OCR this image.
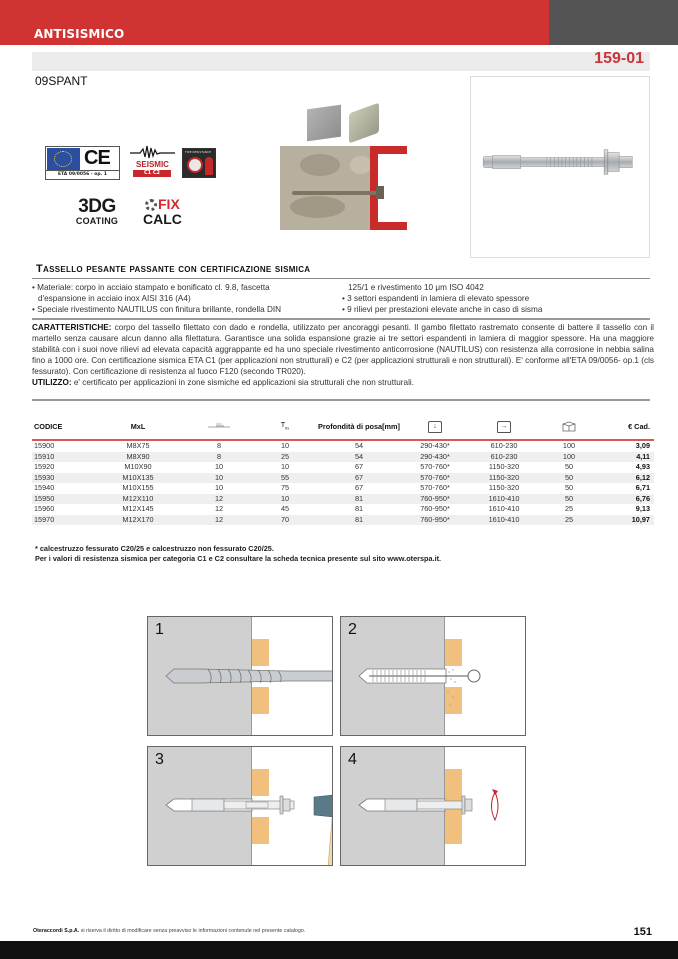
ANTISISMICO
159-01
09SPANT
CE
ETA 09/0056 - op. 1
SEISMIC
C1 C2
FIRE RESISTANCE
3DG
COATING
FIX
CALC
Tassello pesante passante con certificazione sismica
• Materiale: corpo in acciaio stampato e bonificato cl. 9.8, fascetta
d'espansione in acciaio inox AISI 316 (A4)
• Speciale rivestimento NAUTILUS con finitura brillante, rondella DIN
125/1 e rivestimento 10 μm ISO 4042
• 3 settori espandenti in lamiera di elevato spessore
• 9 rilievi per prestazioni elevate anche in caso di sisma
CARATTERISTICHE: corpo del tassello filettato con dado e rondella, utilizzato per ancoraggi pesanti. Il gambo filettato rastremato consente di battere il tassello con il martello senza causare alcun danno alla filettatura. Garantisce una solida espansione grazie ai tre settori espandenti in lamiera di maggior spessore. Ha una maggiore stabilità con i suoi nove rilievi ad elevata capacità aggrappante ed ha uno speciale rivestimento anticorrosione (NAUTILUS) con resistenza alla corrosione in nebbia salina fino a 1000 ore. Con certificazione sismica ETA C1 (per applicazioni non strutturali) e C2 (per applicazioni strutturali e non strutturali). E' conforme all'ETA 09/0056- op.1 (cls fessurato). Con certificazione di resistenza al fuoco F120 (secondo TR020).
UTILIZZO: e' certificato per applicazioni in zone sismiche ed applicazioni sia strutturali che non strutturali.
CODICE	MxL		$T_{fix}$	Profondità di posa[mm]	↓	→		€ Cad.
15900	M8X75	8	10	54	290-430*	610-230	100	3,09
15910	M8X90	8	25	54	290-430*	610-230	100	4,11
15920	M10X90	10	10	67	570-760*	1150-320	50	4,93
15930	M10X135	10	55	67	570-760*	1150-320	50	6,12
15940	M10X155	10	75	67	570-760*	1150-320	50	6,71
15950	M12X110	12	10	81	760-950*	1610-410	50	6,76
15960	M12X145	12	45	81	760-950*	1610-410	25	9,13
15970	M12X170	12	70	81	760-950*	1610-410	25	10,97
* calcestruzzo fessurato C20/25 e calcestruzzo non fessurato C20/25.
Per i valori di resistenza sismica per categoria C1 e C2 consultare la scheda tecnica presente sul sito www.oterspa.it.
1	2
3	4
Oteraccordi S.p.A. si riserva il diritto di modificare senza preavviso le informazioni contenute nel presente catalogo.	151
